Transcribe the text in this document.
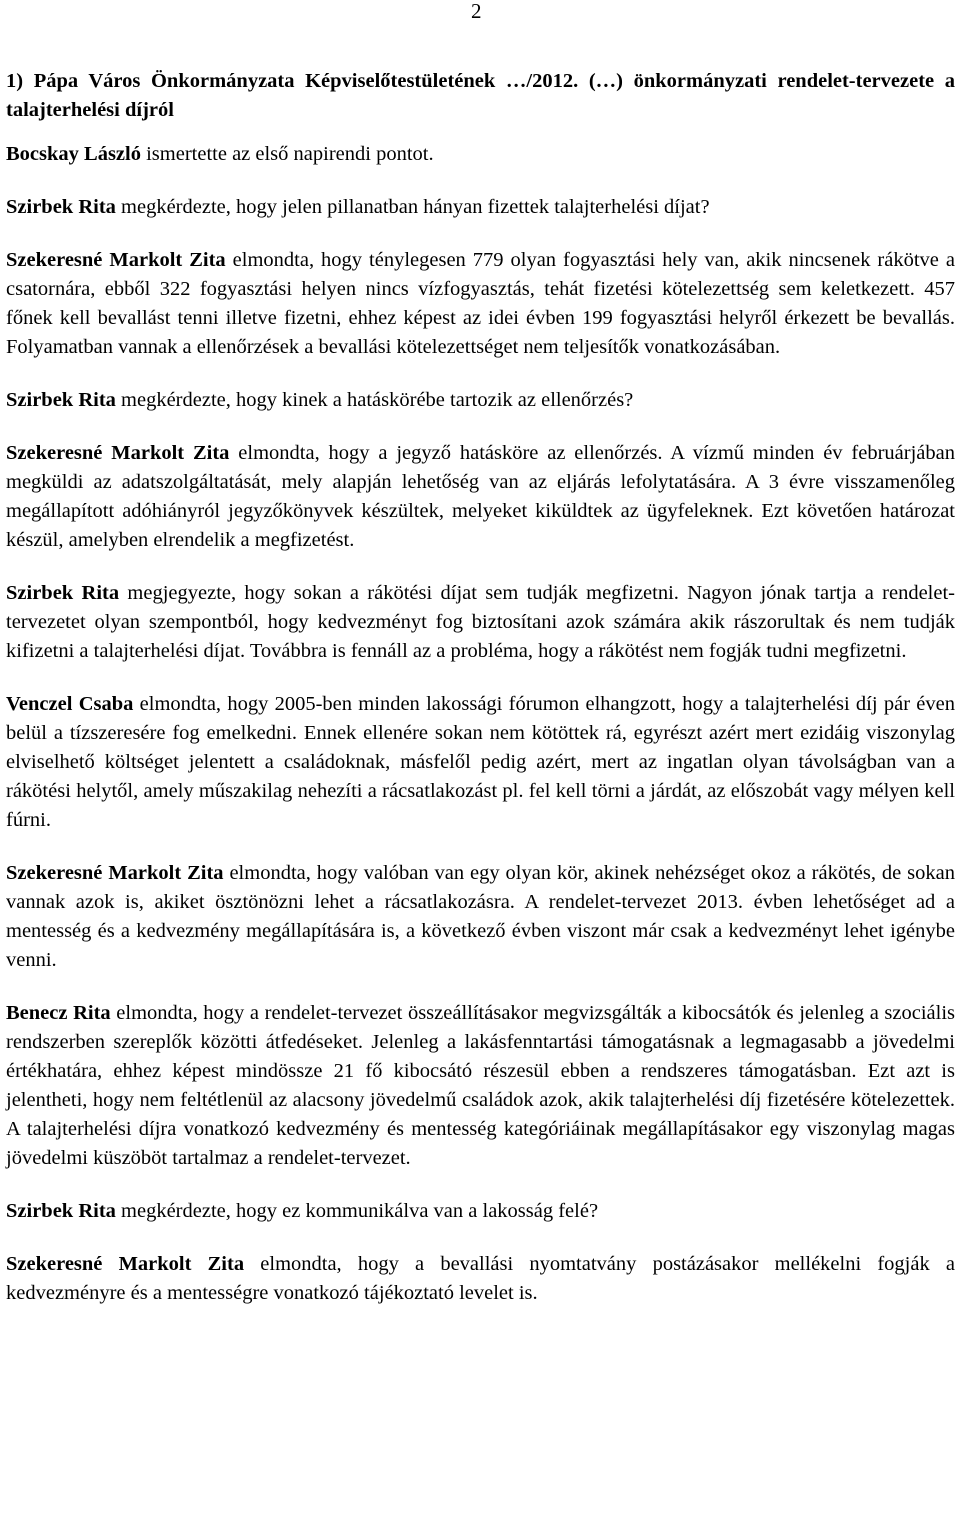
2
1) Pápa Város Önkormányzata Képviselőtestületének …/2012. (…) önkormányzati rendelet-tervezete a talajterhelési díjról

Bocskay László ismertette az első napirendi pontot.

Szirbek Rita megkérdezte, hogy jelen pillanatban hányan fizettek talajterhelési díjat?

Szekeresné Markolt Zita elmondta, hogy ténylegesen 779 olyan fogyasztási hely van, akik nincsenek rákötve a csatornára, ebből 322 fogyasztási helyen nincs vízfogyasztás, tehát fizetési kötelezettség sem keletkezett. 457 főnek kell bevallást tenni illetve fizetni, ehhez képest az idei évben 199 fogyasztási helyről érkezett be bevallás. Folyamatban vannak a ellenőrzések a bevallási kötelezettséget nem teljesítők vonatkozásában.

Szirbek Rita megkérdezte, hogy kinek a hatáskörébe tartozik az ellenőrzés?

Szekeresné Markolt Zita elmondta, hogy a jegyző hatásköre az ellenőrzés. A vízmű minden év februárjában megküldi az adatszolgáltatását, mely alapján lehetőség van az eljárás lefolytatására. A 3 évre visszamenőleg megállapított adóhiányról jegyzőkönyvek készültek, melyeket kiküldtek az ügyfeleknek. Ezt követően határozat készül, amelyben elrendelik a megfizetést.

Szirbek Rita megjegyezte, hogy sokan a rákötési díjat sem tudják megfizetni. Nagyon jónak tartja a rendelet-tervezetet olyan szempontból, hogy kedvezményt fog biztosítani azok számára akik rászorultak és nem tudják kifizetni a talajterhelési díjat. Továbbra is fennáll az a probléma, hogy a rákötést nem fogják tudni megfizetni.

Venczel Csaba elmondta, hogy 2005-ben minden lakossági fórumon elhangzott, hogy a talajterhelési díj pár éven belül a tízszeresére fog emelkedni. Ennek ellenére sokan nem kötöttek rá, egyrészt azért mert ezidáig viszonylag elviselhető költséget jelentett a családoknak, másfelől pedig azért, mert az ingatlan olyan távolságban van a rákötési helytől, amely műszakilag nehezíti a rácsatlakozást pl. fel kell törni a járdát, az előszobát vagy mélyen kell fúrni.

Szekeresné Markolt Zita elmondta, hogy valóban van egy olyan kör, akinek nehézséget okoz a rákötés, de sokan vannak azok is, akiket ösztönözni lehet a rácsatlakozásra. A rendelet-tervezet 2013. évben lehetőséget ad a mentesség és a kedvezmény megállapítására is, a következő évben viszont már csak a kedvezményt lehet igénybe venni.

Benecz Rita elmondta, hogy a rendelet-tervezet összeállításakor megvizsgálták a kibocsátók és jelenleg a szociális rendszerben szereplők közötti átfedéseket. Jelenleg a lakásfenntartási támogatásnak a legmagasabb a jövedelmi értékhatára, ehhez képest mindössze 21 fő kibocsátó részesül ebben a rendszeres támogatásban. Ezt azt is jelentheti, hogy nem feltétlenül az alacsony jövedelmű családok azok, akik talajterhelési díj fizetésére kötelezettek. A talajterhelési díjra vonatkozó kedvezmény és mentesség kategóriáinak megállapításakor egy viszonylag magas jövedelmi küszöböt tartalmaz a rendelet-tervezet.

Szirbek Rita megkérdezte, hogy ez kommunikálva van a lakosság felé?

Szekeresné Markolt Zita elmondta, hogy a bevallási nyomtatvány postázásakor mellékelni fogják a kedvezményre és a mentességre vonatkozó tájékoztató levelet is.
